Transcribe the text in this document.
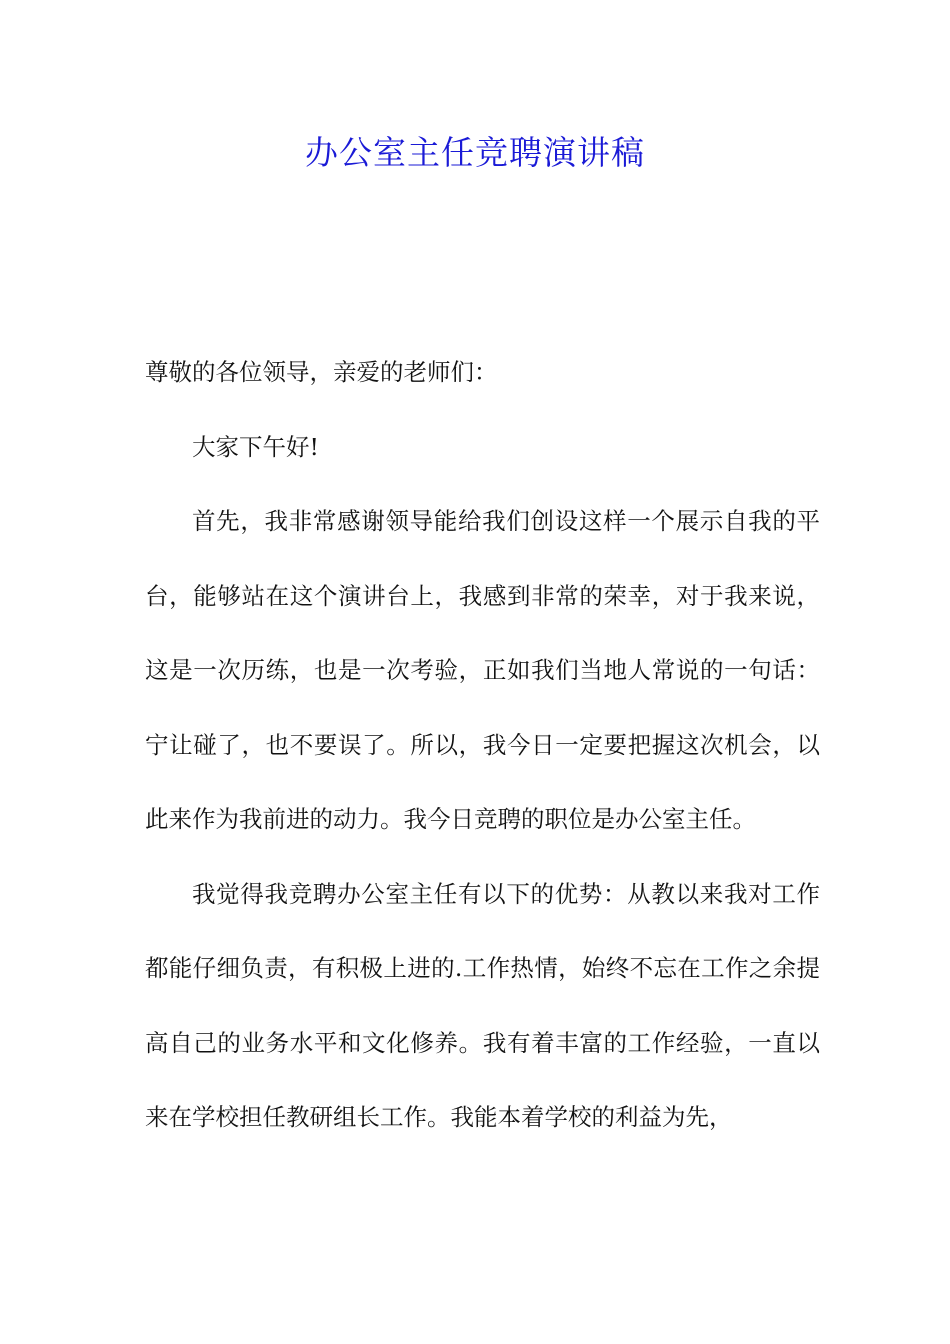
办公室主任竞聘演讲稿

尊敬的各位领导，亲爱的老师们：

大家下午好!

首先，我非常感谢领导能给我们创设这样一个展示自我的平台，能够站在这个演讲台上，我感到非常的荣幸，对于我来说，这是一次历练，也是一次考验，正如我们当地人常说的一句话：宁让碰了，也不要误了。所以，我今日一定要把握这次机会，以此来作为我前进的动力。我今日竞聘的职位是办公室主任。

我觉得我竞聘办公室主任有以下的优势：从教以来我对工作都能仔细负责，有积极上进的.工作热情，始终不忘在工作之余提高自己的业务水平和文化修养。我有着丰富的工作经验，一直以来在学校担任教研组长工作。我能本着学校的利益为先，
